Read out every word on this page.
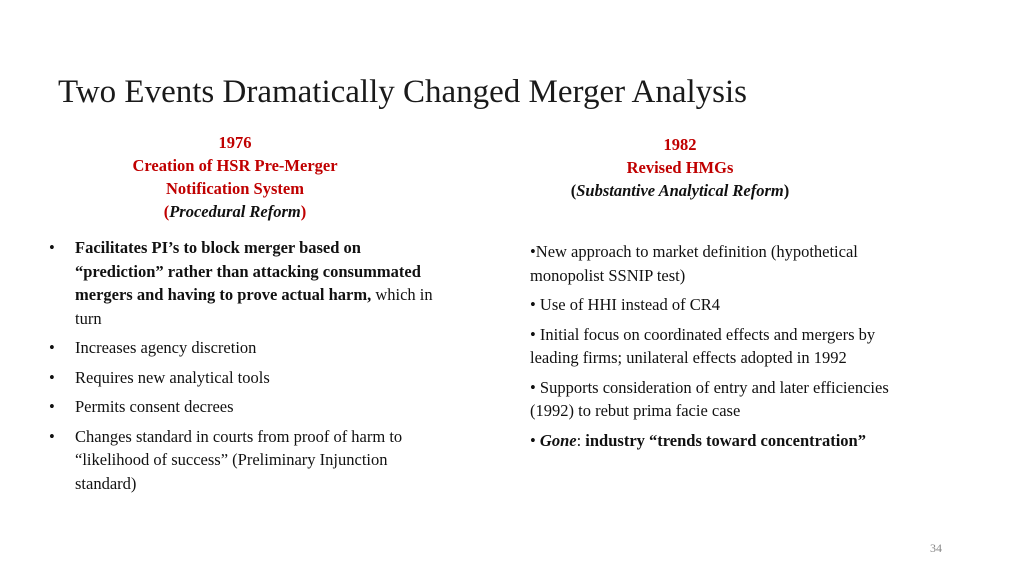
Two Events Dramatically Changed Merger Analysis
1976
Creation of HSR Pre-Merger
Notification System
(Procedural Reform)
• Facilitates PI’s to block merger based on “prediction” rather than attacking consummated mergers and having to prove actual harm, which in turn
• Increases agency discretion
• Requires new analytical tools
• Permits consent decrees
• Changes standard in courts from proof of harm to “likelihood of success” (Preliminary Injunction standard)
1982
Revised HMGs
(Substantive Analytical Reform)

•New approach to market definition (hypothetical monopolist SSNIP test)

• Use of HHI instead of CR4

• Initial focus on coordinated effects and mergers by leading firms; unilateral effects adopted in 1992

• Supports consideration of entry and later efficiencies (1992) to rebut prima facie case

• Gone: industry “trends toward concentration”

34
